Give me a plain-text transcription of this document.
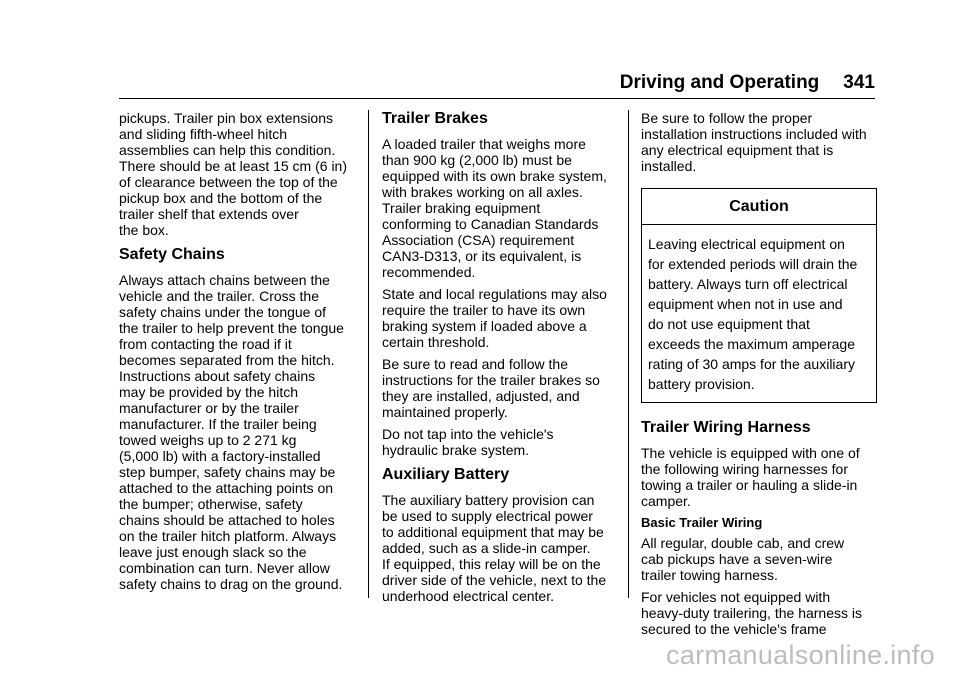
Driving and Operating 341

pickups. Trailer pin box extensions
and sliding fifth-wheel hitch
assemblies can help this condition.
There should be at least 15 cm (6 in)
of clearance between the top of the
pickup box and the bottom of the
trailer shelf that extends over
the box.

Safety Chains

Always attach chains between the
vehicle and the trailer. Cross the
safety chains under the tongue of
the trailer to help prevent the tongue
from contacting the road if it
becomes separated from the hitch.
Instructions about safety chains
may be provided by the hitch
manufacturer or by the trailer
manufacturer. If the trailer being
towed weighs up to 2 271 kg
(5,000 lb) with a factory-installed
step bumper, safety chains may be
attached to the attaching points on
the bumper; otherwise, safety
chains should be attached to holes
on the trailer hitch platform. Always
leave just enough slack so the
combination can turn. Never allow
safety chains to drag on the ground.

Trailer Brakes

A loaded trailer that weighs more
than 900 kg (2,000 lb) must be
equipped with its own brake system,
with brakes working on all axles.
Trailer braking equipment
conforming to Canadian Standards
Association (CSA) requirement
CAN3-D313, or its equivalent, is
recommended.

State and local regulations may also
require the trailer to have its own
braking system if loaded above a
certain threshold.

Be sure to read and follow the
instructions for the trailer brakes so
they are installed, adjusted, and
maintained properly.

Do not tap into the vehicle's
hydraulic brake system.

Auxiliary Battery

The auxiliary battery provision can
be used to supply electrical power
to additional equipment that may be
added, such as a slide-in camper.
If equipped, this relay will be on the
driver side of the vehicle, next to the
underhood electrical center.

Be sure to follow the proper
installation instructions included with
any electrical equipment that is
installed.

Caution
Leaving electrical equipment on
for extended periods will drain the
battery. Always turn off electrical
equipment when not in use and
do not use equipment that
exceeds the maximum amperage
rating of 30 amps for the auxiliary
battery provision.
Trailer Wiring Harness

The vehicle is equipped with one of
the following wiring harnesses for
towing a trailer or hauling a slide-in
camper.

Basic Trailer Wiring

All regular, double cab, and crew
cab pickups have a seven-wire
trailer towing harness.

For vehicles not equipped with
heavy-duty trailering, the harness is
secured to the vehicle's frame

carmanualsonline.info
